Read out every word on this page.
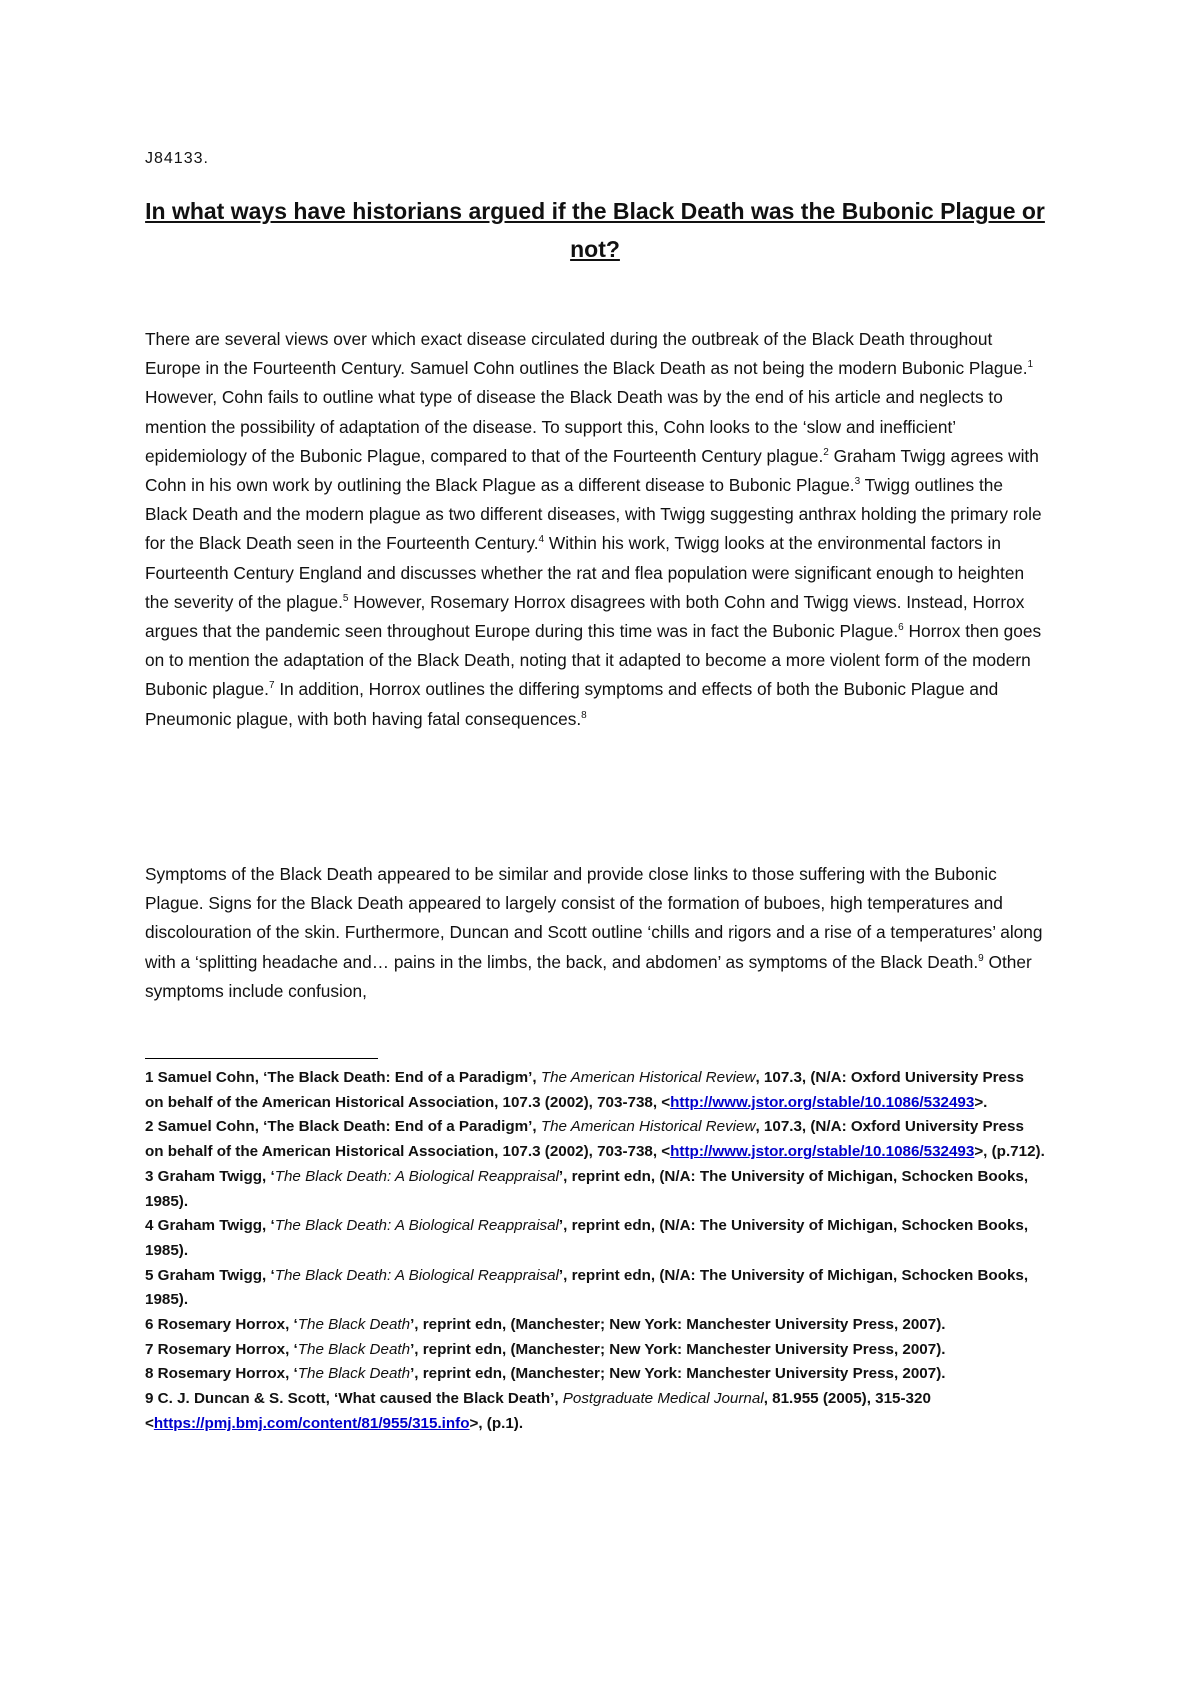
J84133.
In what ways have historians argued if the Black Death was the Bubonic Plague or not?

There are several views over which exact disease circulated during the outbreak of the Black Death throughout Europe in the Fourteenth Century. Samuel Cohn outlines the Black Death as not being the modern Bubonic Plague.$^1$ However, Cohn fails to outline what type of disease the Black Death was by the end of his article and neglects to mention the possibility of adaptation of the disease. To support this, Cohn looks to the ‘slow and inefficient’ epidemiology of the Bubonic Plague, compared to that of the Fourteenth Century plague.$^2$ Graham Twigg agrees with Cohn in his own work by outlining the Black Plague as a different disease to Bubonic Plague.$^3$ Twigg outlines the Black Death and the modern plague as two different diseases, with Twigg suggesting anthrax holding the primary role for the Black Death seen in the Fourteenth Century.$^4$ Within his work, Twigg looks at the environmental factors in Fourteenth Century England and discusses whether the rat and flea population were significant enough to heighten the severity of the plague.$^5$ However, Rosemary Horrox disagrees with both Cohn and Twigg views. Instead, Horrox argues that the pandemic seen throughout Europe during this time was in fact the Bubonic Plague.$^6$ Horrox then goes on to mention the adaptation of the Black Death, noting that it adapted to become a more violent form of the modern Bubonic plague.$^7$ In addition, Horrox outlines the differing symptoms and effects of both the Bubonic Plague and Pneumonic plague, with both having fatal consequences.$^8$

Symptoms of the Black Death appeared to be similar and provide close links to those suffering with the Bubonic Plague. Signs for the Black Death appeared to largely consist of the formation of buboes, high temperatures and discolouration of the skin. Furthermore, Duncan and Scott outline ‘chills and rigors and a rise of a temperatures’ along with a ‘splitting headache and… pains in the limbs, the back, and abdomen’ as symptoms of the Black Death.$^9$ Other symptoms include confusion,

1 Samuel Cohn, ‘The Black Death: End of a Paradigm’, The American Historical Review, 107.3, (N/A: Oxford University Press on behalf of the American Historical Association, 107.3 (2002), 703-738, <http://www.jstor.org/stable/10.1086/532493>.
2 Samuel Cohn, ‘The Black Death: End of a Paradigm’, The American Historical Review, 107.3, (N/A: Oxford University Press on behalf of the American Historical Association, 107.3 (2002), 703-738, <http://www.jstor.org/stable/10.1086/532493>, (p.712).
3 Graham Twigg, ‘The Black Death: A Biological Reappraisal’, reprint edn, (N/A: The University of Michigan, Schocken Books, 1985).
4 Graham Twigg, ‘The Black Death: A Biological Reappraisal’, reprint edn, (N/A: The University of Michigan, Schocken Books, 1985).
5 Graham Twigg, ‘The Black Death: A Biological Reappraisal’, reprint edn, (N/A: The University of Michigan, Schocken Books, 1985).
6 Rosemary Horrox, ‘The Black Death’, reprint edn, (Manchester; New York: Manchester University Press, 2007).
7 Rosemary Horrox, ‘The Black Death’, reprint edn, (Manchester; New York: Manchester University Press, 2007).
8 Rosemary Horrox, ‘The Black Death’, reprint edn, (Manchester; New York: Manchester University Press, 2007).
9 C. J. Duncan & S. Scott, ‘What caused the Black Death’, Postgraduate Medical Journal, 81.955 (2005), 315-320 <https://pmj.bmj.com/content/81/955/315.info>, (p.1).
